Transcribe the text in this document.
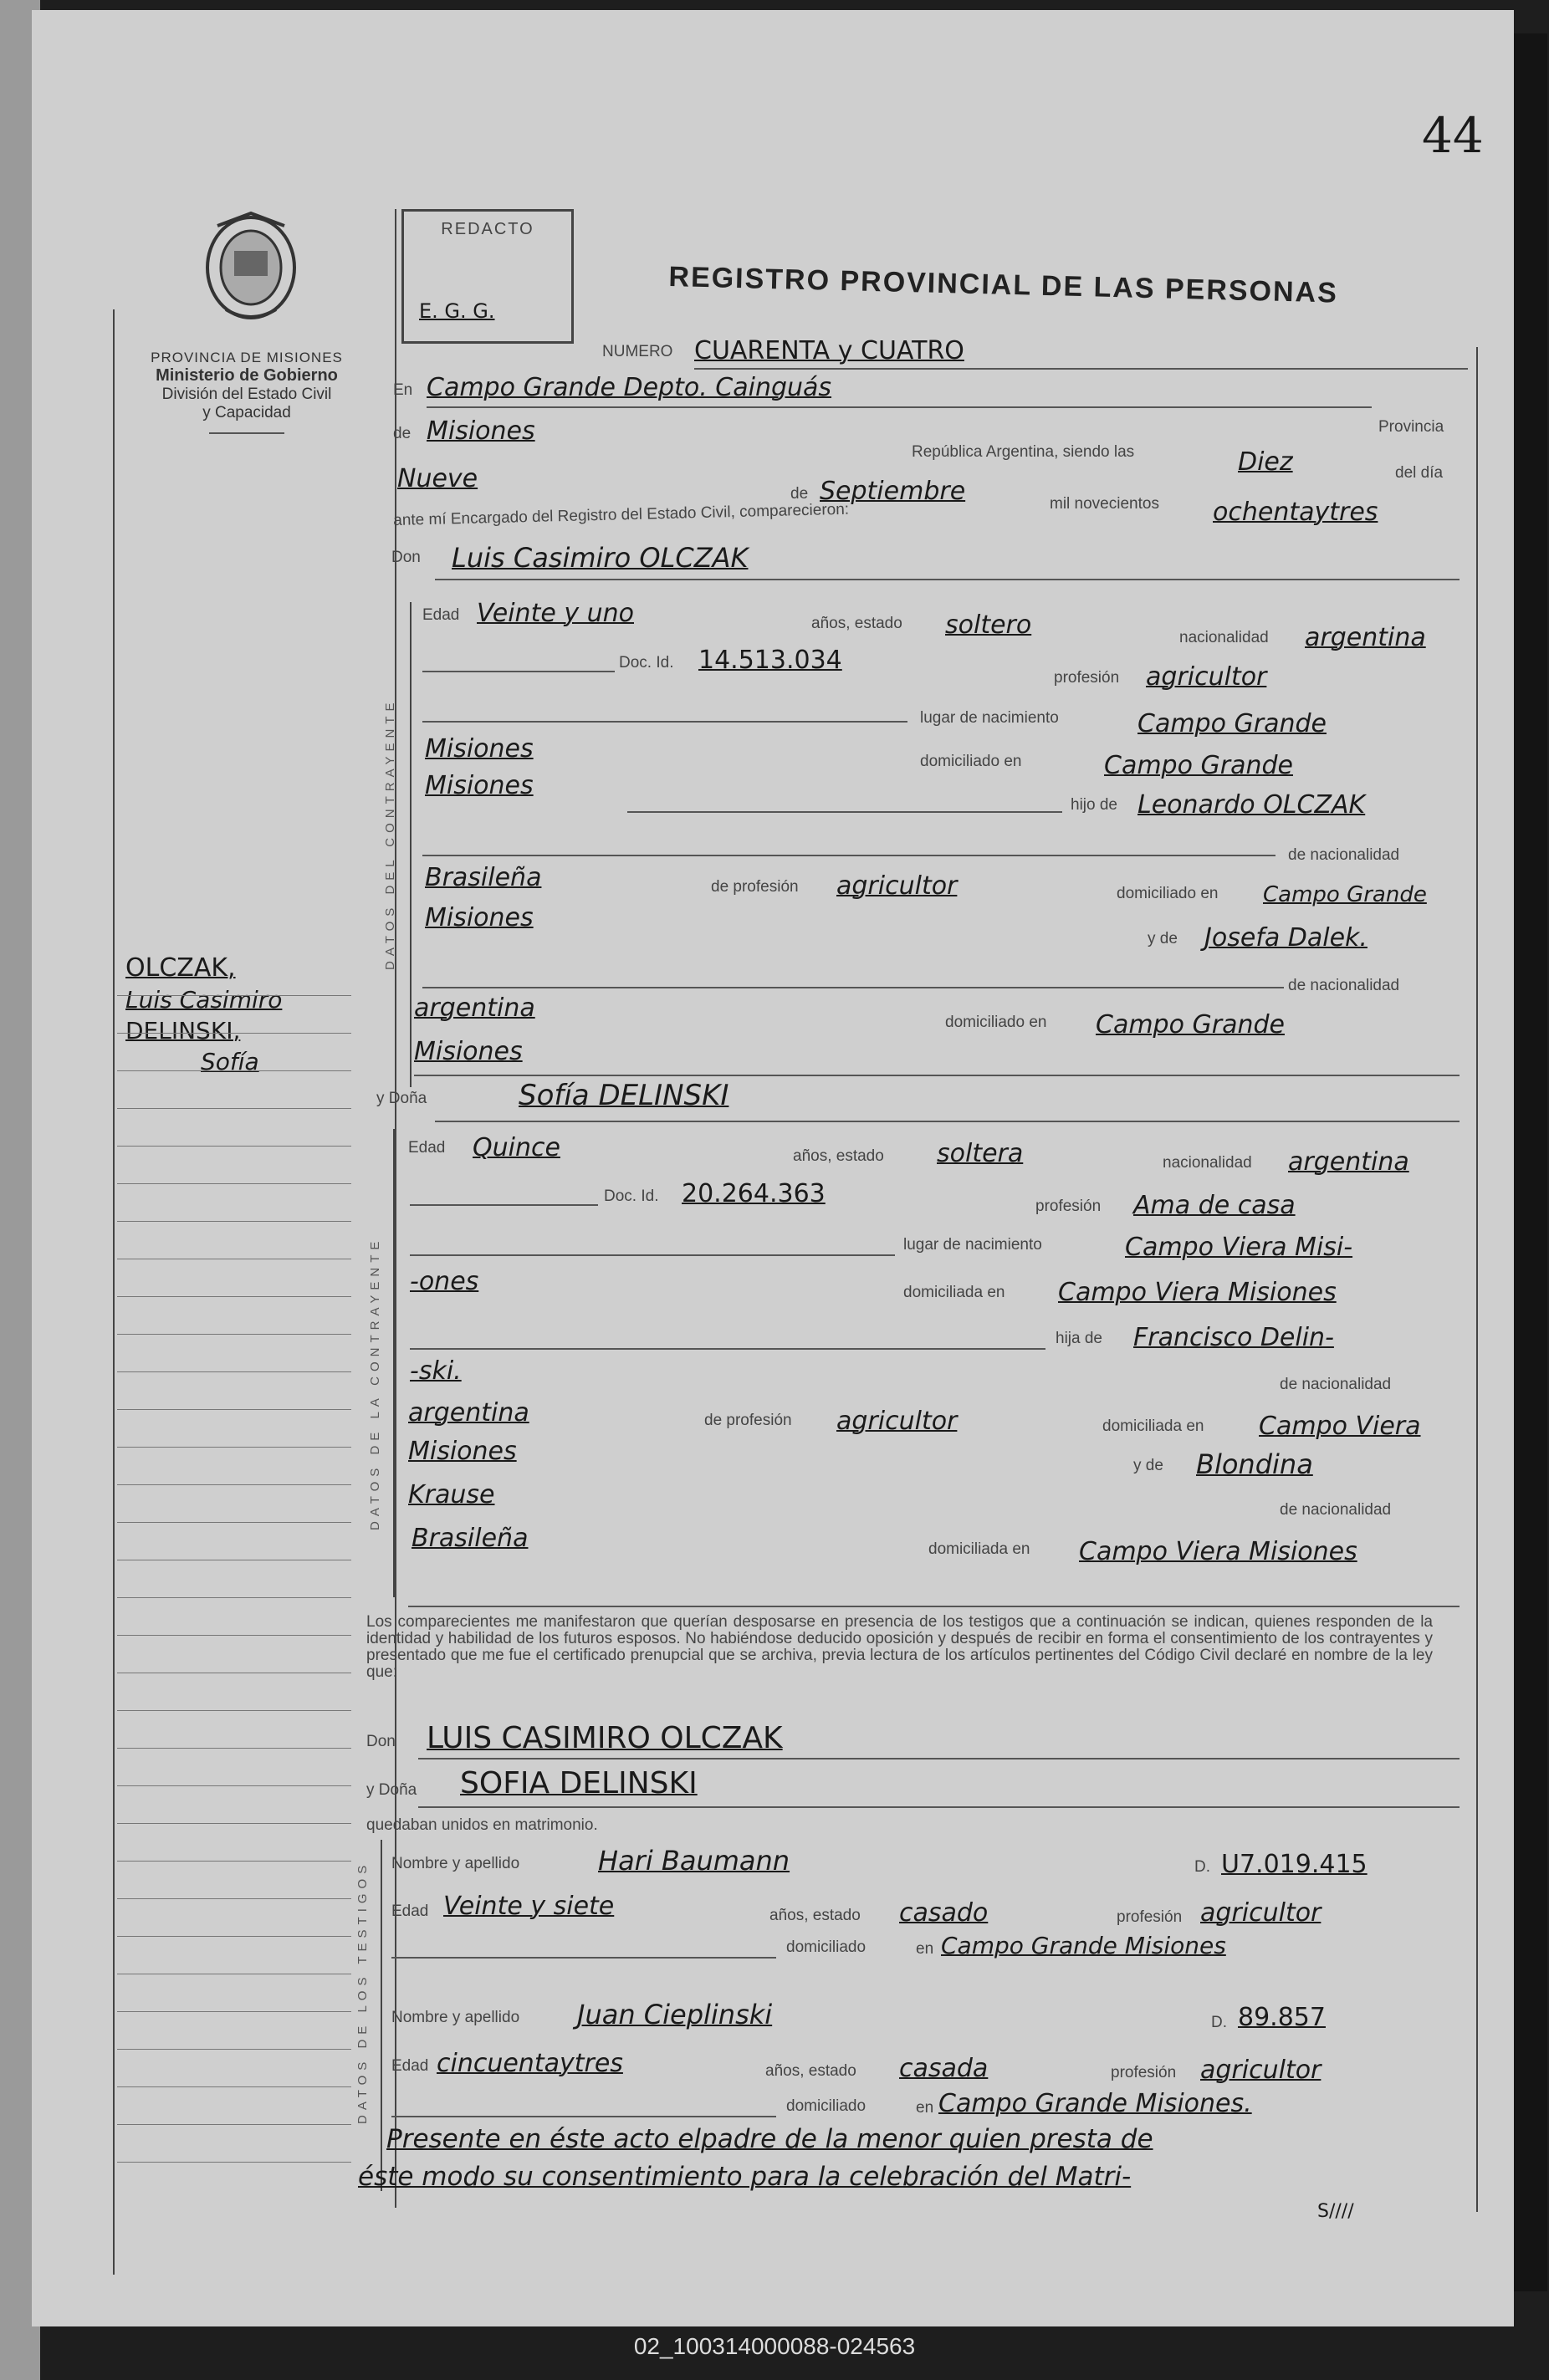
44
PROVINCIA DE MISIONES
Ministerio de Gobierno
División del Estado Civil
y Capacidad
OLCZAK,
Luis Casimiro
DELINSKI,
Sofía
REDACTO
E. G. G.
REGISTRO PROVINCIAL DE LAS PERSONAS
NUMERO CUARENTA y CUATRO
En Campo Grande Depto. Cainguás
Provincia
de Misiones
República Argentina, siendo las	Diez	del día
Nueve
de Septiembre	mil novecientos ochentaytres
ante mí Encargado del Registro del Estado Civil, comparecieron:
Don Luis Casimiro OLCZAK
DATOS DEL CONTRAYENTE
Edad Veinte y uno	años, estado soltero	nacionalidad argentina
Doc. Id. 14.513.034
profesión agricultor
lugar de nacimiento	Campo Grande
Misiones	domiciliado en	Campo Grande
Misiones
hijo de Leonardo OLCZAK
de nacionalidad
Brasileña	de profesión agricultor	domiciliado en Campo Grande
Misiones
y de Josefa Dalek.
de nacionalidad
argentina	domiciliado en Campo Grande
Misiones
y Doña	Sofía DELINSKI
DATOS DE LA CONTRAYENTE
Edad Quince	años, estado soltera	nacionalidad argentina
Doc. Id. 20.264.363	profesión Ama de casa
lugar de nacimiento	Campo Viera Misi-
-ones	domiciliada en Campo Viera Misiones
hija de Francisco Delin-
-ski.	de nacionalidad
argentina	de profesión agricultor	domiciliada en Campo Viera
Misiones	y de Blondina
Krause
de nacionalidad
Brasileña	domiciliada en Campo Viera Misiones
Los comparecientes me manifestaron que querían desposarse en presencia de los testigos que a continuación se indican, quienes responden de la identidad y habilidad de los futuros esposos. No habiéndose deducido oposición y después de recibir en forma el consentimiento de los contrayentes y presentado que me fue el certificado prenupcial que se archiva, previa lectura de los artículos pertinentes del Código Civil declaré en nombre de la ley que:
Don LUIS CASIMIRO OLCZAK
y Doña SOFIA DELINSKI
quedaban unidos en matrimonio.
DATOS DE LOS TESTIGOS Nombre y apellido	Hari Baumann	D. U7.019.415
Edad Veinte y siete	años, estado casado	profesión agricultor
domiciliado	en Campo Grande Misiones
Nombre y apellido Juan Cieplinski	D. 89.857
Edad cincuentaytres	años, estado casada	profesión agricultor
domiciliado	en Campo Grande Misiones.
Presente en éste acto elpadre de la menor quien presta de
éste modo su consentimiento para la celebración del Matri-
S////
02_100314000088-024563
